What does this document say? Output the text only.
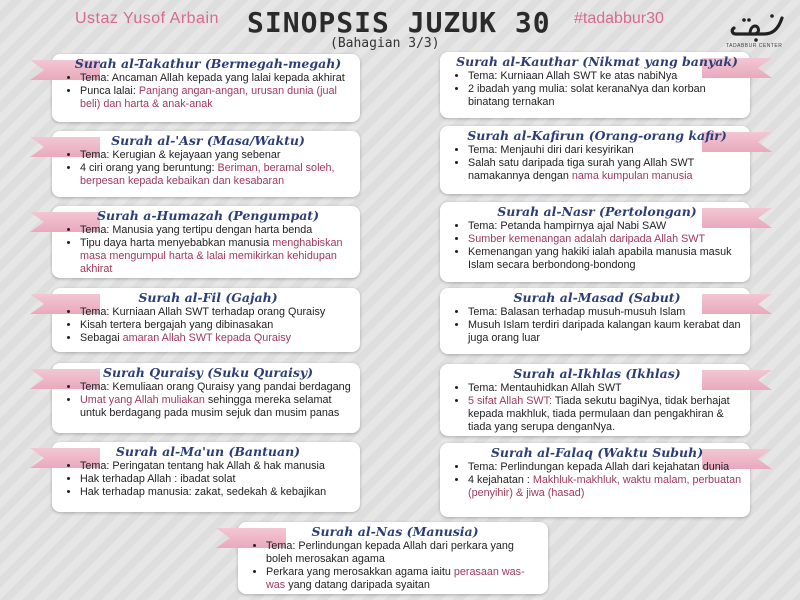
Ustaz Yusof Arbain SINOPSIS JUZUK 30
(Bahagian 3/3)
#tadabbur30
TADABBUR CENTER
Surah al-Takathur (Bermegah-megah)
• Tema: Ancaman Allah kepada yang lalai kepada akhirat
• Punca lalai: Panjang angan-angan, urusan dunia (jual beli) dan harta & anak-anak
Surah al-'Asr (Masa/Waktu)
• Tema: Kerugian & kejayaan yang sebenar
• 4 ciri orang yang beruntung: Beriman, beramal soleh, berpesan kepada kebaikan dan kesabaran
Surah a-Humazah (Pengumpat)
• Tema: Manusia yang tertipu dengan harta benda
• Tipu daya harta menyebabkan manusia menghabiskan masa mengumpul harta & lalai memikirkan kehidupan akhirat
Surah al-Fil (Gajah)
• Tema: Kurniaan Allah SWT terhadap orang Quraisy
• Kisah tertera bergajah yang dibinasakan
• Sebagai amaran Allah SWT kepada Quraisy
Surah Quraisy (Suku Quraisy)
• Tema: Kemuliaan orang Quraisy yang pandai berdagang
• Umat yang Allah muliakan sehingga mereka selamat untuk berdagang pada musim sejuk dan musim panas
Surah al-Ma'un (Bantuan)
• Tema: Peringatan tentang hak Allah & hak manusia
• Hak terhadap Allah : ibadat solat
• Hak terhadap manusia: zakat, sedekah & kebajikan
Surah al-Kauthar (Nikmat yang banyak)
• Tema: Kurniaan Allah SWT ke atas nabiNya
• 2 ibadah yang mulia: solat keranaNya dan korban binatang ternakan
Surah al-Kafirun (Orang-orang kafir)
• Tema: Menjauhi diri dari kesyirikan
• Salah satu daripada tiga surah yang Allah SWT namakannya dengan nama kumpulan manusia
Surah al-Nasr (Pertolongan)
• Tema: Petanda hampirnya ajal Nabi SAW
• Sumber kemenangan adalah daripada Allah SWT
• Kemenangan yang hakiki ialah apabila manusia masuk Islam secara berbondong-bondong
Surah al-Masad (Sabut)
• Tema: Balasan terhadap musuh-musuh Islam
• Musuh Islam terdiri daripada kalangan kaum kerabat dan juga orang luar
Surah al-Ikhlas (Ikhlas)
• Tema: Mentauhidkan Allah SWT
• 5 sifat Allah SWT: Tiada sekutu bagiNya, tidak berhajat kepada makhluk, tiada permulaan dan pengakhiran & tiada yang serupa denganNya.
Surah al-Falaq (Waktu Subuh)
• Tema: Perlindungan kepada Allah dari kejahatan dunia
• 4 kejahatan : Makhluk-makhluk, waktu malam, perbuatan (penyihir) & jiwa (hasad)
Surah al-Nas (Manusia)
• Tema: Perlindungan kepada Allah dari perkara yang boleh merosakan agama
• Perkara yang merosakkan agama iaitu perasaan was-was yang datang daripada syaitan
